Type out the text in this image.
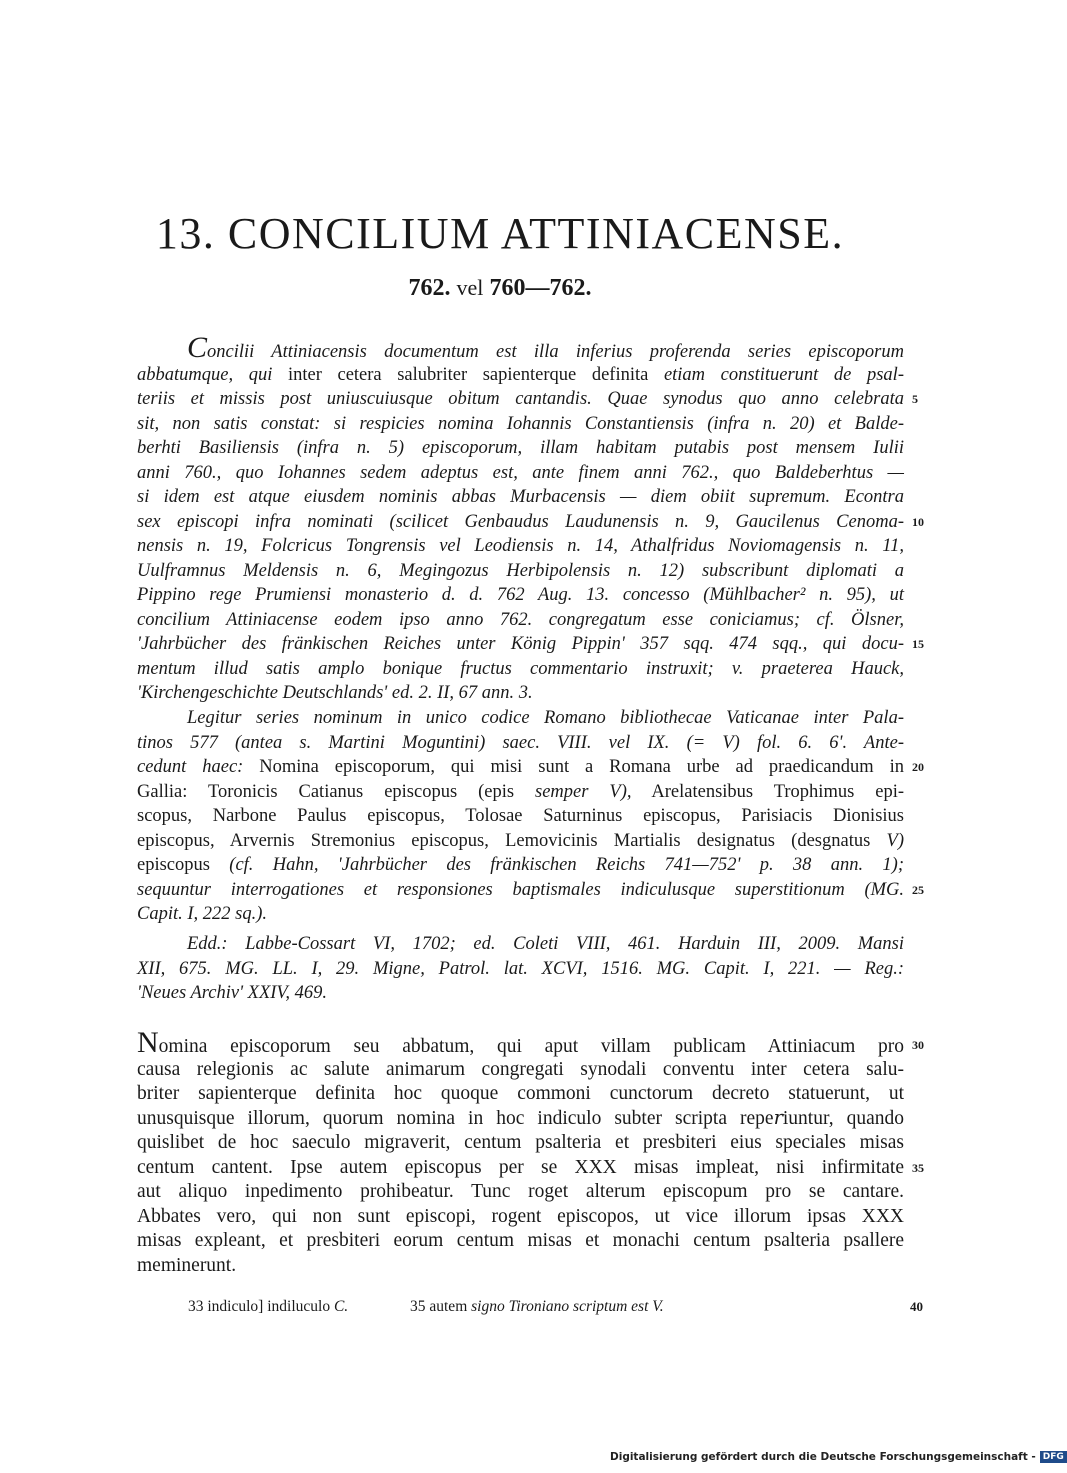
13. CONCILIUM ATTINIACENSE.
762. vel 760—762.
Concilii Attiniacensis documentum est illa inferius proferenda series episcoporum
abbatumque, qui inter cetera salubriter sapienterque definita etiam constituerunt de psal-
teriis et missis post uniuscuiusque obitum cantandis. Quae synodus quo anno celebrata
sit, non satis constat: si respicies nomina Iohannis Constantiensis (infra n. 20) et Balde-
berhti Basiliensis (infra n. 5) episcoporum, illam habitam putabis post mensem Iulii
anni 760., quo Iohannes sedem adeptus est, ante finem anni 762., quo Baldeberhtus —
si idem est atque eiusdem nominis abbas Murbacensis — diem obiit supremum. Econtra
sex episcopi infra nominati (scilicet Genbaudus Laudunensis n. 9, Gaucilenus Cenoma-
nensis n. 19, Folcricus Tongrensis vel Leodiensis n. 14, Athalfridus Noviomagensis n. 11,
Uulframnus Meldensis n. 6, Megingozus Herbipolensis n. 12) subscribunt diplomati a
Pippino rege Prumiensi monasterio d. d. 762 Aug. 13. concesso (Mühlbacher² n. 95), ut
concilium Attiniacense eodem ipso anno 762. congregatum esse coniciamus; cf. Ölsner,
'Jahrbücher des fränkischen Reiches unter König Pippin' 357 sqq. 474 sqq., qui docu-
mentum illud satis amplo bonique fructus commentario instruxit; v. praeterea Hauck,
'Kirchengeschichte Deutschlands' ed. 2. II, 67 ann. 3.
5
10
15
Legitur series nominum in unico codice Romano bibliothecae Vaticanae inter Pala-
tinos 577 (antea s. Martini Moguntini) saec. VIII. vel IX. (= V) fol. 6. 6'. Ante-
cedunt haec: Nomina episcoporum, qui misi sunt a Romana urbe ad praedicandum in
Gallia: Toronicis Catianus episcopus (epis semper V), Arelatensibus Trophimus epi-
scopus, Narbone Paulus episcopus, Tolosae Saturninus episcopus, Parisiacis Dionisius
episcopus, Arvernis Stremonius episcopus, Lemovicinis Martialis designatus (desgnatus V)
episcopus (cf. Hahn, 'Jahrbücher des fränkischen Reichs 741—752' p. 38 ann. 1);
sequuntur interrogationes et responsiones baptismales indiculusque superstitionum (MG.
Capit. I, 222 sq.).
20
25
Edd.: Labbe-Cossart VI, 1702; ed. Coleti VIII, 461. Harduin III, 2009. Mansi
XII, 675. MG. LL. I, 29. Migne, Patrol. lat. XCVI, 1516. MG. Capit. I, 221. — Reg.:
'Neues Archiv' XXIV, 469.
Nomina episcoporum seu abbatum, qui aput villam publicam Attiniacum pro
causa relegionis ac salute animarum congregati synodali conventu inter cetera salu-
briter sapienterque definita hoc quoque commoni cunctorum decreto statuerunt, ut
unusquisque illorum, quorum nomina in hoc indiculo subter scripta repe𝑟iuntur, quando
quislibet de hoc saeculo migraverit, centum psalteria et presbiteri eius speciales misas
centum cantent. Ipse autem episcopus per se XXX misas impleat, nisi infirmitate
aut aliquo inpedimento prohibeatur. Tunc roget alterum episcopum pro se cantare.
Abbates vero, qui non sunt episcopi, rogent episcopos, ut vice illorum ipsas XXX
misas expleant, et presbiteri eorum centum misas et monachi centum psalteria psallere
meminerunt.
30
35
33 indiculo] indiluculo C.	35 autem signo Tironiano scriptum est V.	40
Digitalisierung gefördert durch die Deutsche Forschungsgemeinschaft - DFG
